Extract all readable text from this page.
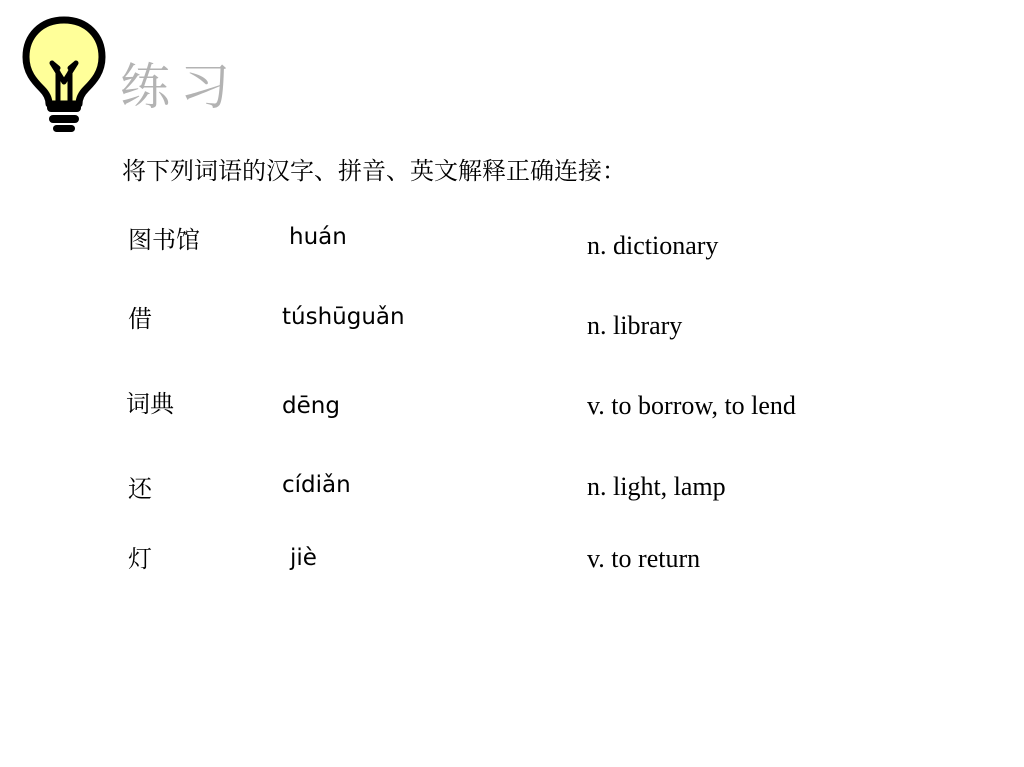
练习
将下列词语的汉字、拼音、英文解释正确连接：
图书馆
借
词典
还
灯
huán
túshūguǎn
dēng
cídiǎn
jiè
n. dictionary
n. library
v. to borrow, to lend
n. light, lamp
v. to return
